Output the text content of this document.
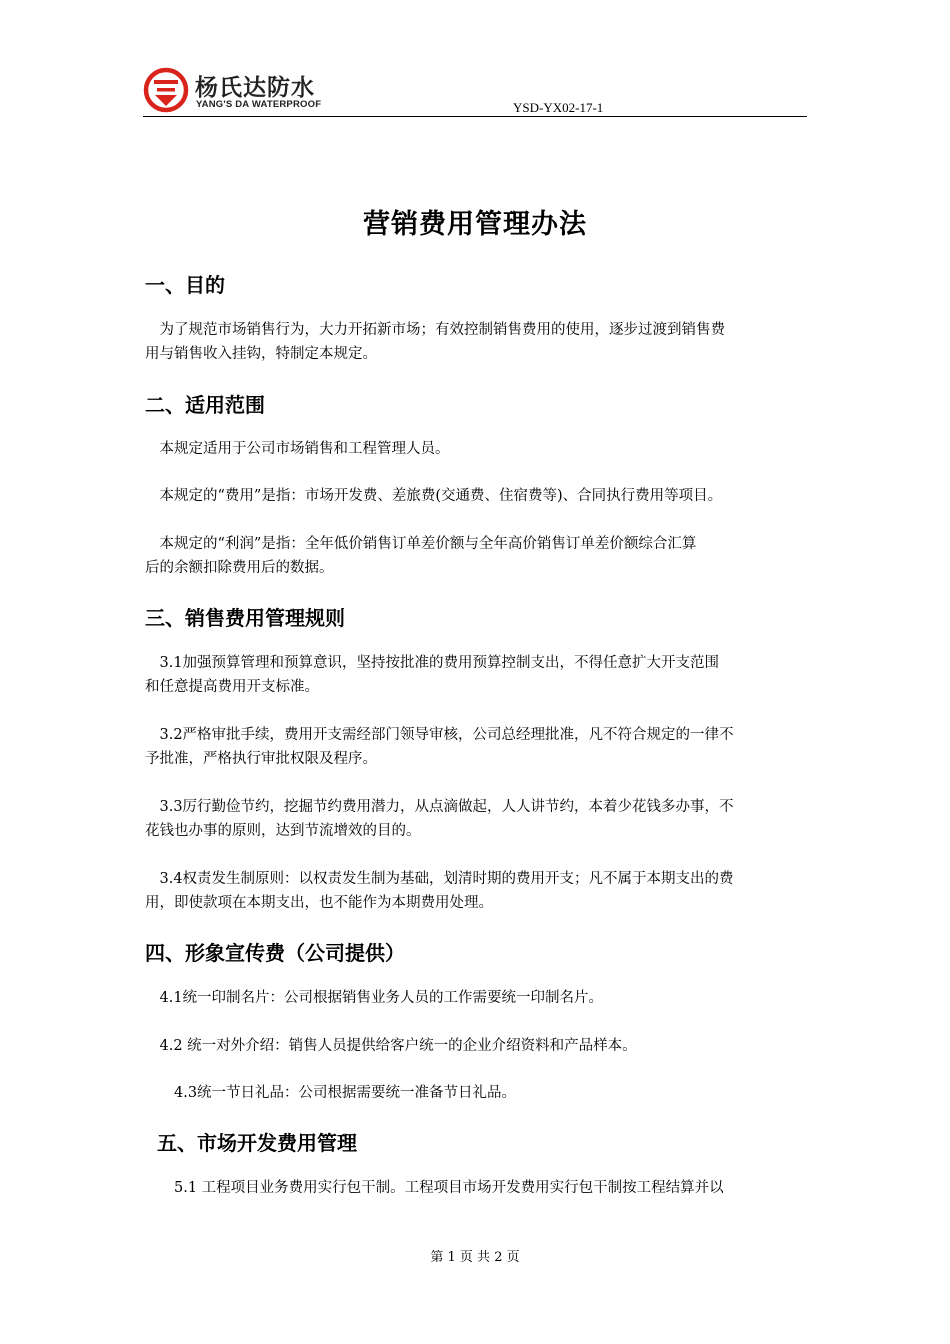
杨氏达防水
YANG'S DA WATERPROOF	YSD-YX02-17-1
营销费用管理办法
一、目的
　为了规范市场销售行为，大力开拓新市场；有效控制销售费用的使用，逐步过渡到销售费
用与销售收入挂钩，特制定本规定。
二、适用范围
　本规定适用于公司市场销售和工程管理人员。
　本规定的“费用”是指：市场开发费、差旅费(交通费、住宿费等)、合同执行费用等项目。
　本规定的“利润”是指：全年低价销售订单差价额与全年高价销售订单差价额综合汇算
后的余额扣除费用后的数据。
三、销售费用管理规则
　3.1加强预算管理和预算意识，坚持按批准的费用预算控制支出，不得任意扩大开支范围
和任意提高费用开支标准。
　3.2严格审批手续，费用开支需经部门领导审核，公司总经理批准，凡不符合规定的一律不
予批准，严格执行审批权限及程序。
　3.3厉行勤俭节约，挖掘节约费用潜力，从点滴做起，人人讲节约，本着少花钱多办事，不
花钱也办事的原则，达到节流增效的目的。
　3.4权责发生制原则：以权责发生制为基础，划清时期的费用开支；凡不属于本期支出的费
用，即使款项在本期支出，也不能作为本期费用处理。
四、形象宣传费（公司提供）
　4.1统一印制名片：公司根据销售业务人员的工作需要统一印制名片。
　4.2 统一对外介绍：销售人员提供给客户统一的企业介绍资料和产品样本。
　　4.3统一节日礼品：公司根据需要统一准备节日礼品。
五、市场开发费用管理
　　5.1 工程项目业务费用实行包干制。工程项目市场开发费用实行包干制按工程结算并以
第 1 页 共 2 页
